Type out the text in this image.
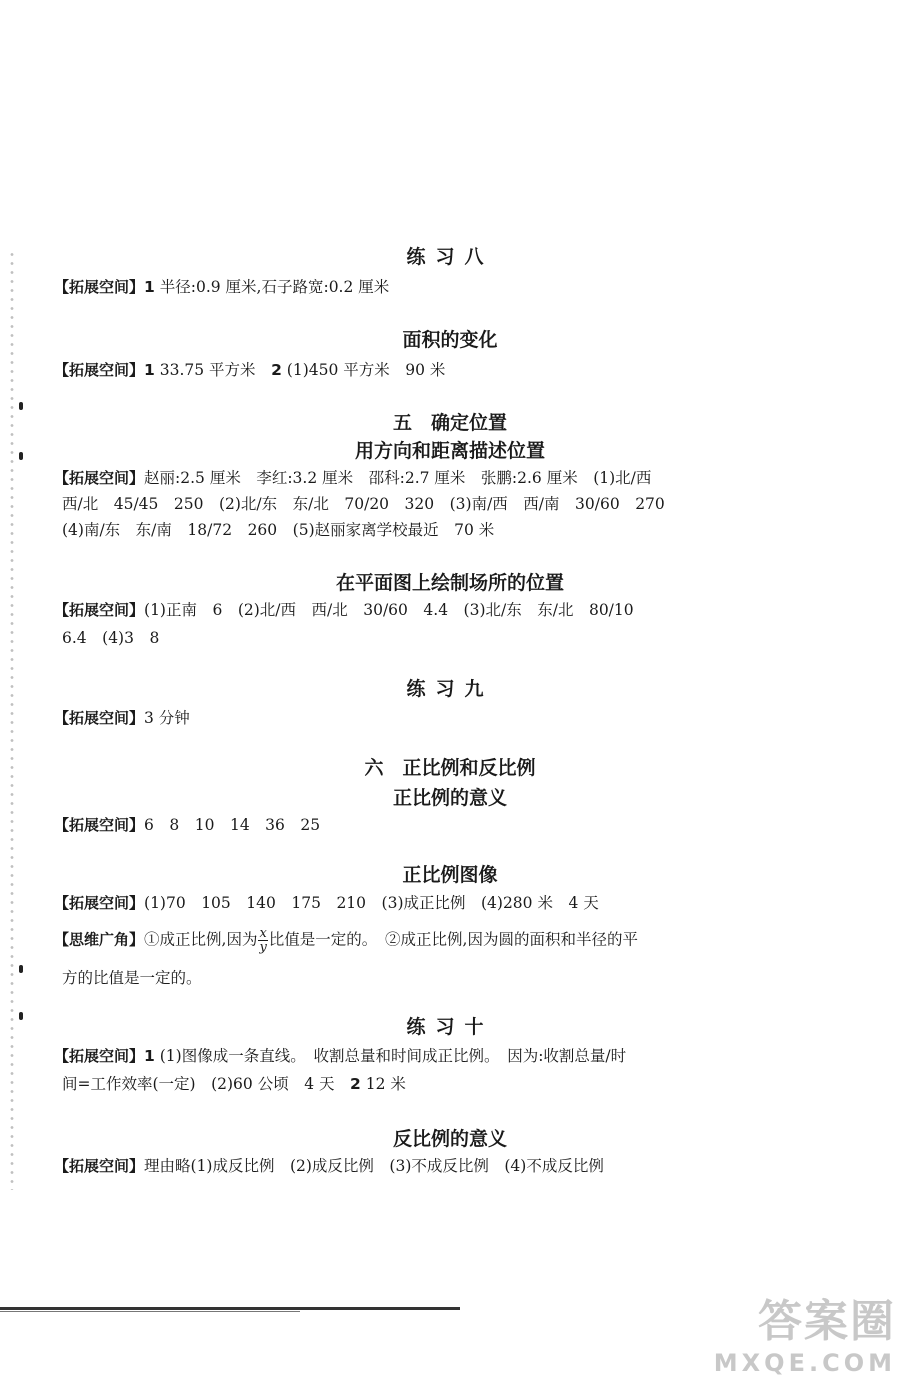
练习八
【拓展空间】1 半径:0.9 厘米,石子路宽:0.2 厘米
面积的变化
【拓展空间】1 33.75 平方米　 2 (1)450 平方米　90 米
五　确定位置
用方向和距离描述位置
【拓展空间】赵丽:2.5 厘米　李红:3.2 厘米　邵科:2.7 厘米　张鹏:2.6 厘米　(1)北/西
西/北　45/45　250　(2)北/东　东/北　70/20　320　(3)南/西　西/南　30/60　270
(4)南/东　东/南　18/72　260　(5)赵丽家离学校最近　70 米
在平面图上绘制场所的位置
【拓展空间】(1)正南　6　(2)北/西　西/北　30/60　4.4　(3)北/东　东/北　80/10
6.4　(4)3　8
练习九
【拓展空间】3 分钟
六　正比例和反比例
正比例的意义
【拓展空间】6　8　10　14　36　25
正比例图像
【拓展空间】(1)70　105　140　175　210　(3)成正比例　(4)280 米　4 天
【思维广角】①成正比例,因为 $\frac{x}{y}$ 比值是一定的。　②成正比例,因为圆的面积和半径的平
方的比值是一定的。
练习十
【拓展空间】1 (1)图像成一条直线。　收割总量和时间成正比例。　因为:收割总量/时
间=工作效率(一定)　(2)60 公顷　4 天　 2 12 米
反比例的意义
【拓展空间】理由略(1)成反比例　(2)成反比例　(3)不成反比例　(4)不成反比例
答案圈
MXQE.COM
